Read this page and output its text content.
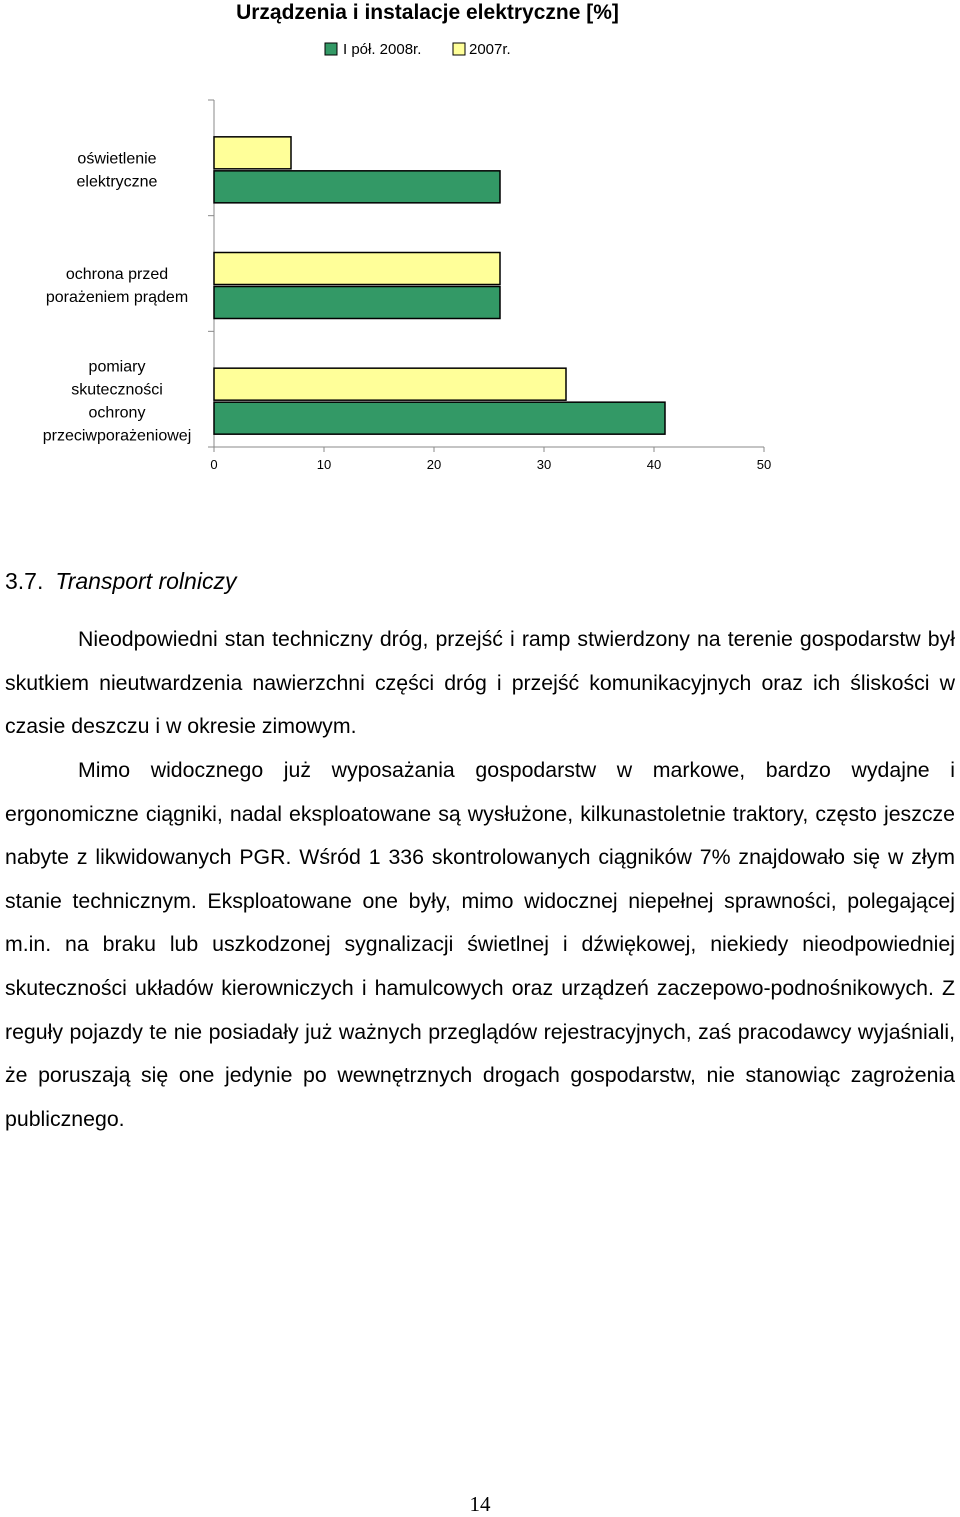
Urządzenia i instalacje elektryczne [%]
I pół. 2008r.	2007r.
0	10	20	30	40	50
oświetlenie
elektryczne
ochrona przed
porażeniem prądem
pomiary
skuteczności
ochrony
przeciwporażeniowej
3.7. Transport rolniczy

Nieodpowiedni stan techniczny dróg, przejść i ramp stwierdzony na terenie gospodarstw był skutkiem nieutwardzenia nawierzchni części dróg i przejść komunikacyjnych oraz ich śliskości w czasie deszczu i w okresie zimowym.

Mimo widocznego już wyposażania gospodarstw w markowe, bardzo wydajne i ergonomiczne ciągniki, nadal eksploatowane są wysłużone, kilkunastoletnie traktory, często jeszcze nabyte z likwidowanych PGR. Wśród 1 336 skontrolowanych ciągników 7% znajdowało się w złym stanie technicznym. Eksploatowane one były, mimo widocznej niepełnej sprawności, polegającej m.in. na braku lub uszkodzonej sygnalizacji świetlnej i dźwiękowej, niekiedy nieodpowiedniej skuteczności układów kierowniczych i hamulcowych oraz urządzeń zaczepowo-podnośnikowych. Z reguły pojazdy te nie posiadały już ważnych przeglądów rejestracyjnych, zaś pracodawcy wyjaśniali, że poruszają się one jedynie po wewnętrznych drogach gospodarstw, nie stanowiąc zagrożenia publicznego.

14
